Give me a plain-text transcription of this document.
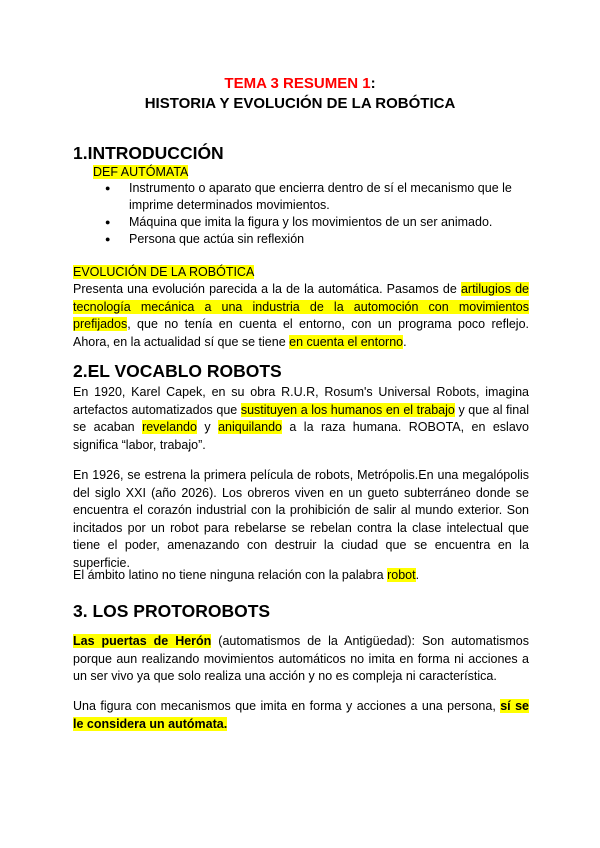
TEMA 3 RESUMEN 1:
HISTORIA Y EVOLUCIÓN DE LA ROBÓTICA
1.INTRODUCCIÓN
DEF AUTÓMATA
● Instrumento o aparato que encierra dentro de sí el mecanismo que le imprime determinados movimientos.
● Máquina que imita la figura y los movimientos de un ser animado.
● Persona que actúa sin reflexión
EVOLUCIÓN DE LA ROBÓTICA

Presenta una evolución parecida a la de la automática. Pasamos de artilugios de tecnología mecánica a una industria de la automoción con movimientos prefijados, que no tenía en cuenta el entorno, con un programa poco reflejo. Ahora, en la actualidad sí que se tiene en cuenta el entorno.

2.EL VOCABLO ROBOTS

En 1920, Karel Capek, en su obra R.U.R, Rosum's Universal Robots, imagina artefactos automatizados que sustituyen a los humanos en el trabajo y que al final se acaban revelando y aniquilando a la raza humana. ROBOTA, en eslavo significa “labor, trabajo”.

En 1926, se estrena la primera película de robots, Metrópolis.En una megalópolis del siglo XXI (año 2026). Los obreros viven en un gueto subterráneo donde se encuentra el corazón industrial con la prohibición de salir al mundo exterior. Son incitados por un robot para rebelarse se rebelan contra la clase intelectual que tiene el poder, amenazando con destruir la ciudad que se encuentra en la superficie.

El ámbito latino no tiene ninguna relación con la palabra robot.

3. LOS PROTOROBOTS

Las puertas de Herón (automatismos de la Antigüedad): Son automatismos porque aun realizando movimientos automáticos no imita en forma ni acciones a un ser vivo ya que solo realiza una acción y no es compleja ni característica.

Una figura con mecanismos que imita en forma y acciones a una persona, sí se le considera un autómata.
